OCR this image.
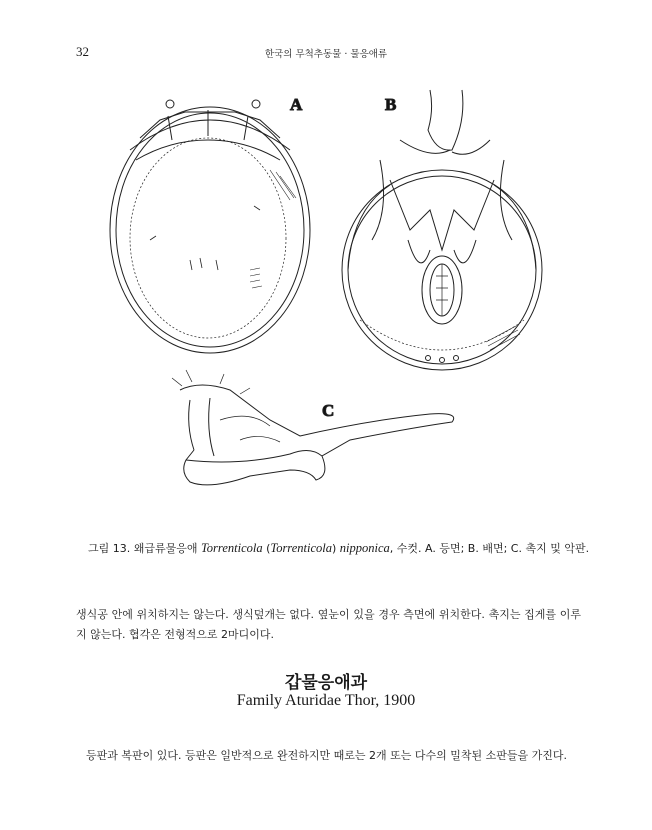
32	한국의 무척추동물 · 물응애류
A	B
C
그림 13. 왜급류물응애 Torrenticola (Torrenticola) nipponica, 수컷. A. 등면; B. 배면; C. 촉지 및 악판.

생식공 안에 위치하지는 않는다. 생식덮개는 없다. 옆눈이 있을 경우 측면에 위치한다. 촉지는 집게를 이루지 않는다. 협각은 전형적으로 2마디이다.

갑물응애과
Family Aturidae Thor, 1900

등판과 복판이 있다. 등판은 일반적으로 완전하지만 때로는 2개 또는 다수의 밀착된 소판들을 가진다.
